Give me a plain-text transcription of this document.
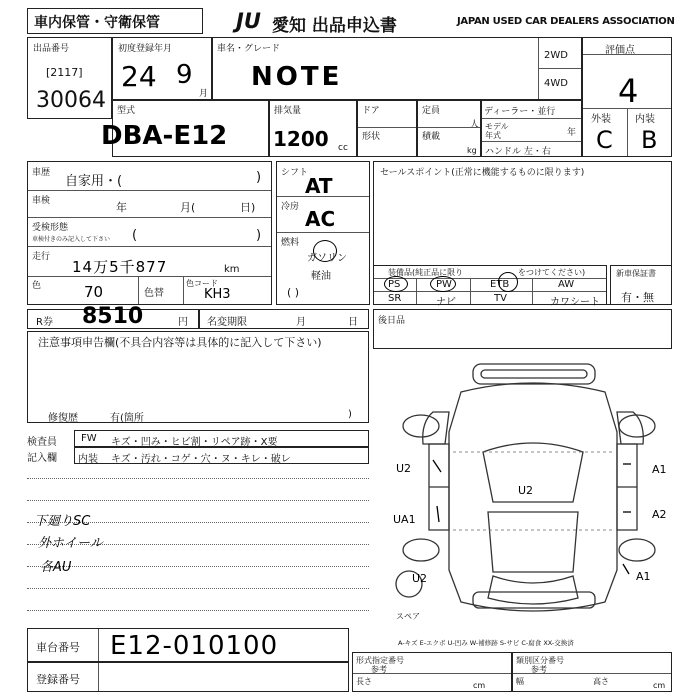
車内保管・守衛保管	JU 愛知 出品申込書	JAPAN USED CAR DEALERS ASSOCIATION
出品番号
[2117]
30064
初度登録年月
24 9
月
車名・グレード
NOTE
2WD
4WD
評価点
4
外装 内装
C B
型式
DBA-E12
排気量
1200 cc
ドア
形状
定員
人
積載
kg
ディーラー・並行
モデル 年式	年
ハンドル 左・右
車歴
自家用・(	)
車検	年	月(	日)
受検形態
車検付きのみ記入して下さい (	)
走行
14万5千877	km
色	70	色替
色コード
KH3
シフト
AT
冷房 AC
燃料
ガソリン
軽油
( )
セールスポイント(正常に機能するものに限ります)
装備品(純正品に限り	をつけてください)
PS	PW	ETB	AW
SR	ナビ	TV	カワシート
新車保証書
有・無
R券 8510	円 名変期限	月	日 後日品
注意事項申告欄(不具合内容等は具体的に記入して下さい)
修復歴	有(箇所	)
検査員
記入欄
FW キズ・凹み・ヒビ割・リペア跡・X要
内装 キズ・汚れ・コゲ・穴・ヌ・キレ・破レ
下廻りSC
外ホイール
各AU
U2
U2
UA1
U2
A1
A2
A1
スペア
A-キズ E-エクボ U-凹み W-補修跡 S-サビ C-腐食 XX-交換済
車台番号 E12-010100
登録番号
形式指定番号
参考
長さ	cm
類別区分番号
参考
幅	高さ	cm
